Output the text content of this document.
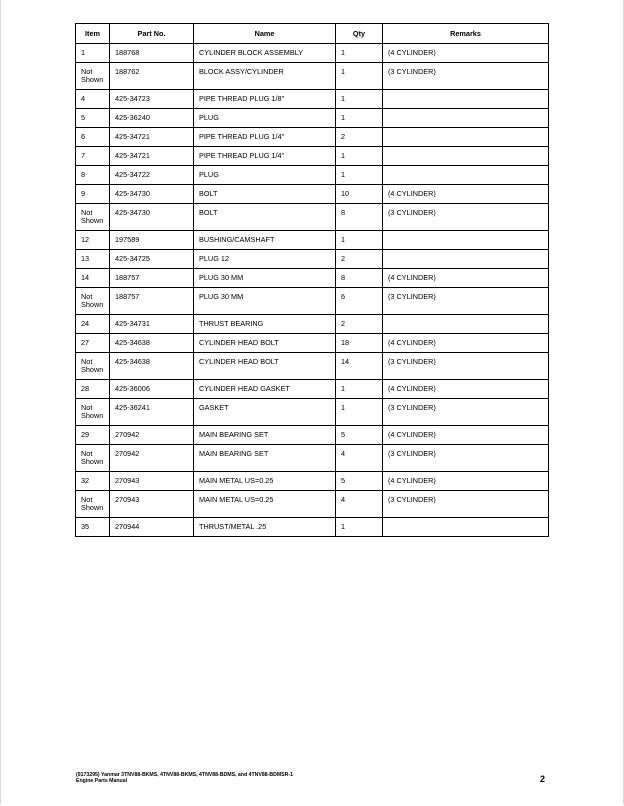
Item	Part No.	Name	Qty	Remarks
1	188768	CYLINDER BLOCK ASSEMBLY	1	(4 CYLINDER)
Not Shown	188762	BLOCK ASSY/CYLINDER	1	(3 CYLINDER)
4	425-34723	PIPE THREAD PLUG 1/8"	1	
5	425-36240	PLUG	1	
6	425-34721	PIPE THREAD PLUG 1/4"	2	
7	425-34721	PIPE THREAD PLUG 1/4"	1	
8	425-34722	PLUG	1	
9	425-34730	BOLT	10	(4 CYLINDER)
Not Shown	425-34730	BOLT	8	(3 CYLINDER)
12	197589	BUSHING/CAMSHAFT	1	
13	425-34725	PLUG 12	2	
14	188757	PLUG 30 MM	8	(4 CYLINDER)
Not Shown	188757	PLUG 30 MM	6	(3 CYLINDER)
24	425-34731	THRUST BEARING	2	
27	425-34638	CYLINDER HEAD BOLT	18	(4 CYLINDER)
Not Shown	425-34638	CYLINDER HEAD BOLT	14	(3 CYLINDER)
28	425-36006	CYLINDER HEAD GASKET	1	(4 CYLINDER)
Not Shown	425-36241	GASKET	1	(3 CYLINDER)
29	270942	MAIN BEARING SET	5	(4 CYLINDER)
Not Shown	270942	MAIN BEARING SET	4	(3 CYLINDER)
32	270943	MAIN METAL US=0.25	5	(4 CYLINDER)
Not Shown	270943	MAIN METAL US=0.25	4	(3 CYLINDER)
35	270944	THRUST/METAL .25	1	
(9173295) Yanmar 3TNV88-BKMS, 4TNV88-BKMS, 4TNV88-BDMS, and 4TNV88-BDMSR-1
Engine Parts Manual	2
